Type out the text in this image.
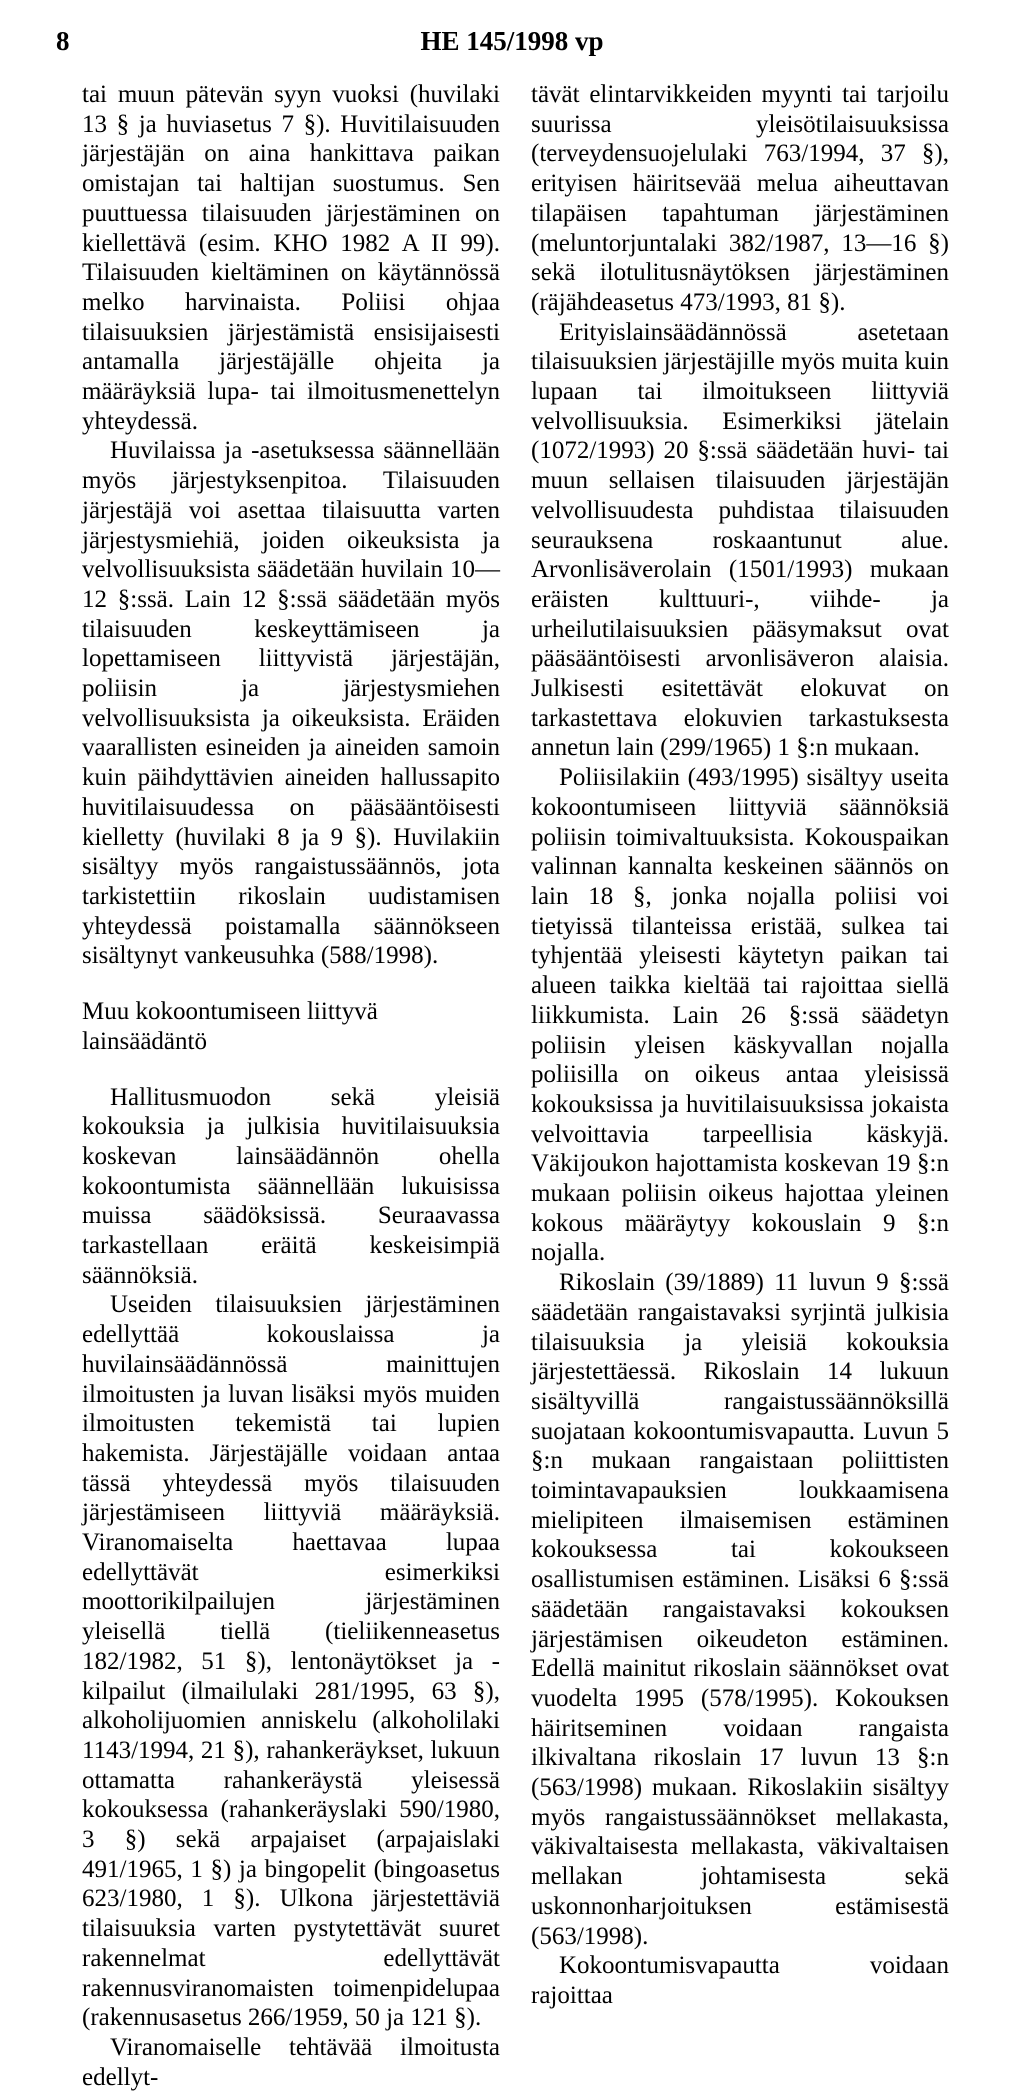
8	HE 145/1998 vp

tai muun pätevän syyn vuoksi (huvilaki 13 § ja huviasetus 7 §). Huvitilaisuuden järjestäjän on aina hankittava paikan omistajan tai haltijan suostumus. Sen puuttuessa tilaisuuden järjestäminen on kiellettävä (esim. KHO 1982 A II 99). Tilaisuuden kieltäminen on käytännössä melko harvinaista. Poliisi ohjaa tilaisuuksien järjestämistä ensisijaisesti antamalla järjestäjälle ohjeita ja määräyksiä lupa- tai ilmoitusmenettelyn yhteydessä.

Huvilaissa ja -asetuksessa säännellään myös järjestyksenpitoa. Tilaisuuden järjestäjä voi asettaa tilaisuutta varten järjestysmiehiä, joiden oikeuksista ja velvollisuuksista säädetään huvilain 10—12 §:ssä. Lain 12 §:ssä säädetään myös tilaisuuden keskeyttämiseen ja lopettamiseen liittyvistä järjestäjän, poliisin ja järjestysmiehen velvollisuuksista ja oikeuksista. Eräiden vaarallisten esineiden ja aineiden samoin kuin päihdyttävien aineiden hallussapito huvitilaisuudessa on pääsääntöisesti kielletty (huvilaki 8 ja 9 §). Huvilakiin sisältyy myös rangaistussäännös, jota tarkistettiin rikoslain uudistamisen yhteydessä poistamalla säännökseen sisältynyt vankeusuhka (588/1998).

Muu kokoontumiseen liittyvä lainsäädäntö

Hallitusmuodon sekä yleisiä kokouksia ja julkisia huvitilaisuuksia koskevan lainsäädännön ohella kokoontumista säännellään lukuisissa muissa säädöksissä. Seuraavassa tarkastellaan eräitä keskeisimpiä säännöksiä.

Useiden tilaisuuksien järjestäminen edellyttää kokouslaissa ja huvilainsäädännössä mainittujen ilmoitusten ja luvan lisäksi myös muiden ilmoitusten tekemistä tai lupien hakemista. Järjestäjälle voidaan antaa tässä yhteydessä myös tilaisuuden järjestämiseen liittyviä määräyksiä. Viranomaiselta haettavaa lupaa edellyttävät esimerkiksi moottorikilpailujen järjestäminen yleisellä tiellä (tieliikenneasetus 182/1982, 51 §), lentonäytökset ja -kilpailut (ilmailulaki 281/1995, 63 §), alkoholijuomien anniskelu (alkoholilaki 1143/1994, 21 §), rahankeräykset, lukuun ottamatta rahankeräystä yleisessä kokouksessa (rahankeräyslaki 590/1980, 3 §) sekä arpajaiset (arpajaislaki 491/1965, 1 §) ja bingopelit (bingoasetus 623/1980, 1 §). Ulkona järjestettäviä tilaisuuksia varten pystytettävät suuret rakennelmat edellyttävät rakennusviranomaisten toimenpidelupaa (rakennusasetus 266/1959, 50 ja 121 §).

Viranomaiselle tehtävää ilmoitusta edellyt-

tävät elintarvikkeiden myynti tai tarjoilu suurissa yleisötilaisuuksissa (terveydensuojelulaki 763/1994, 37 §), erityisen häiritsevää melua aiheuttavan tilapäisen tapahtuman järjestäminen (meluntorjuntalaki 382/1987, 13—16 §) sekä ilotulitusnäytöksen järjestäminen (räjähdeasetus 473/1993, 81 §).

Erityislainsäädännössä asetetaan tilaisuuksien järjestäjille myös muita kuin lupaan tai ilmoitukseen liittyviä velvollisuuksia. Esimerkiksi jätelain (1072/1993) 20 §:ssä säädetään huvi- tai muun sellaisen tilaisuuden järjestäjän velvollisuudesta puhdistaa tilaisuuden seurauksena roskaantunut alue. Arvonlisäverolain (1501/1993) mukaan eräisten kulttuuri-, viihde- ja urheilutilaisuuksien pääsymaksut ovat pääsääntöisesti arvonlisäveron alaisia. Julkisesti esitettävät elokuvat on tarkastettava elokuvien tarkastuksesta annetun lain (299/1965) 1 §:n mukaan.

Poliisilakiin (493/1995) sisältyy useita kokoontumiseen liittyviä säännöksiä poliisin toimivaltuuksista. Kokouspaikan valinnan kannalta keskeinen säännös on lain 18 §, jonka nojalla poliisi voi tietyissä tilanteissa eristää, sulkea tai tyhjentää yleisesti käytetyn paikan tai alueen taikka kieltää tai rajoittaa siellä liikkumista. Lain 26 §:ssä säädetyn poliisin yleisen käskyvallan nojalla poliisilla on oikeus antaa yleisissä kokouksissa ja huvitilaisuuksissa jokaista velvoittavia tarpeellisia käskyjä. Väkijoukon hajottamista koskevan 19 §:n mukaan poliisin oikeus hajottaa yleinen kokous määräytyy kokouslain 9 §:n nojalla.

Rikoslain (39/1889) 11 luvun 9 §:ssä säädetään rangaistavaksi syrjintä julkisia tilaisuuksia ja yleisiä kokouksia järjestettäessä. Rikoslain 14 lukuun sisältyvillä rangaistussäännöksillä suojataan kokoontumisvapautta. Luvun 5 §:n mukaan rangaistaan poliittisten toimintavapauksien loukkaamisena mielipiteen ilmaisemisen estäminen kokouksessa tai kokoukseen osallistumisen estäminen. Lisäksi 6 §:ssä säädetään rangaistavaksi kokouksen järjestämisen oikeudeton estäminen. Edellä mainitut rikoslain säännökset ovat vuodelta 1995 (578/1995). Kokouksen häiritseminen voidaan rangaista ilkivaltana rikoslain 17 luvun 13 §:n (563/1998) mukaan. Rikoslakiin sisältyy myös rangaistussäännökset mellakasta, väkivaltaisesta mellakasta, väkivaltaisen mellakan johtamisesta sekä uskonnonharjoituksen estämisestä (563/1998).

Kokoontumisvapautta voidaan rajoittaa
